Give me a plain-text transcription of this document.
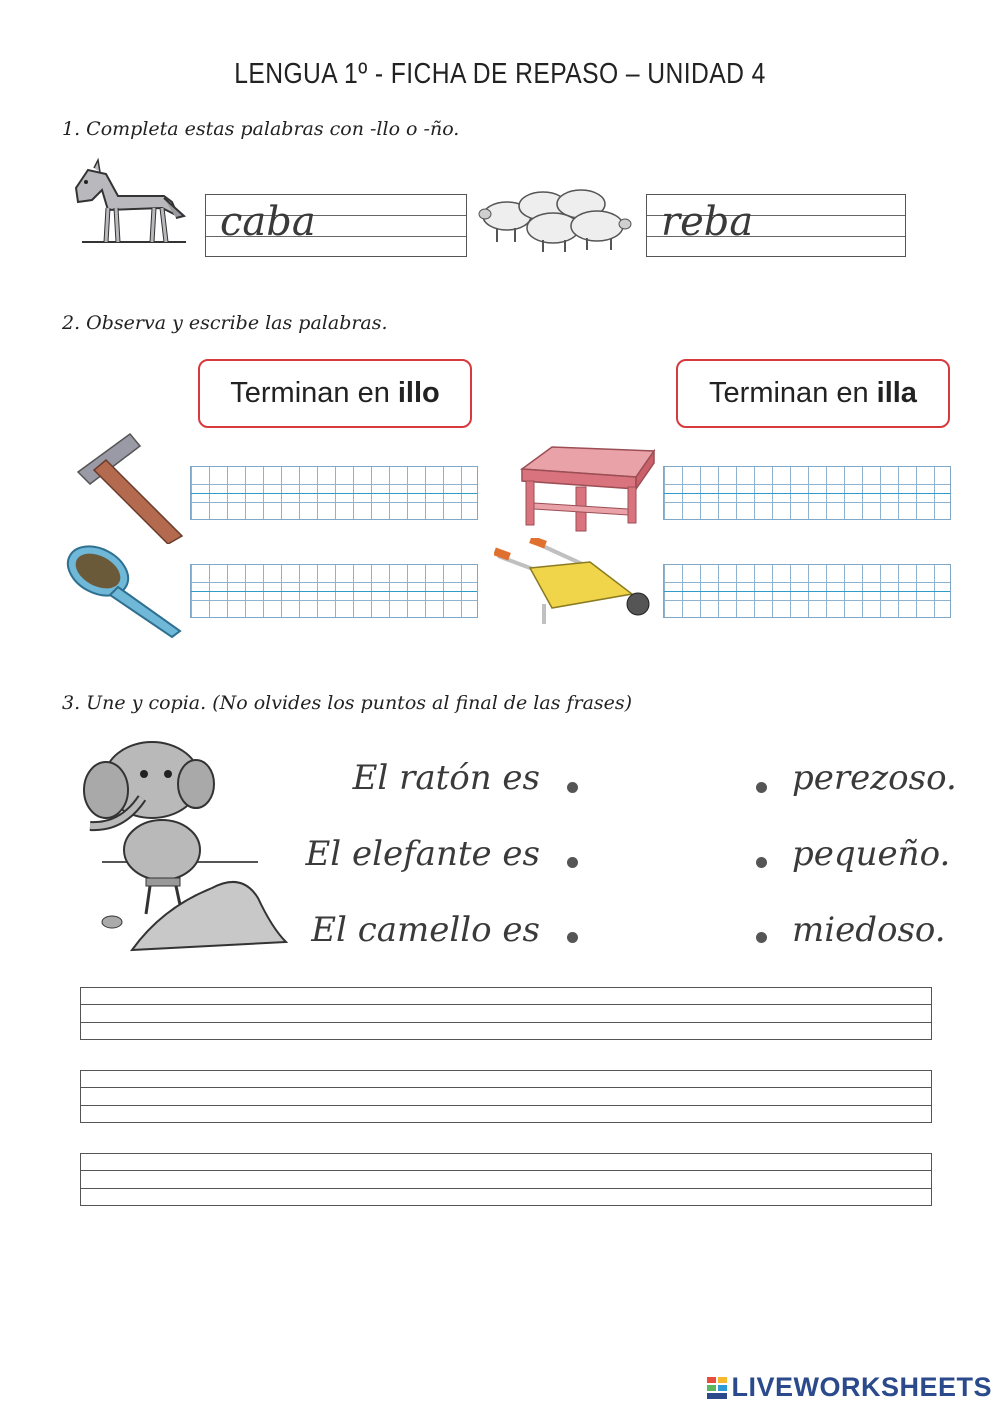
LENGUA 1º - FICHA DE REPASO – UNIDAD 4
1. Completa estas palabras con -llo o -ño.
caba	reba
2. Observa y escribe las palabras.
Terminan en illo	Terminan en illa
3. Une y copia. (No olvides los puntos al final de las frases)
El ratón es
El elefante es
El camello es
perezoso.
pequeño.
miedoso.
LIVEWORKSHEETS
